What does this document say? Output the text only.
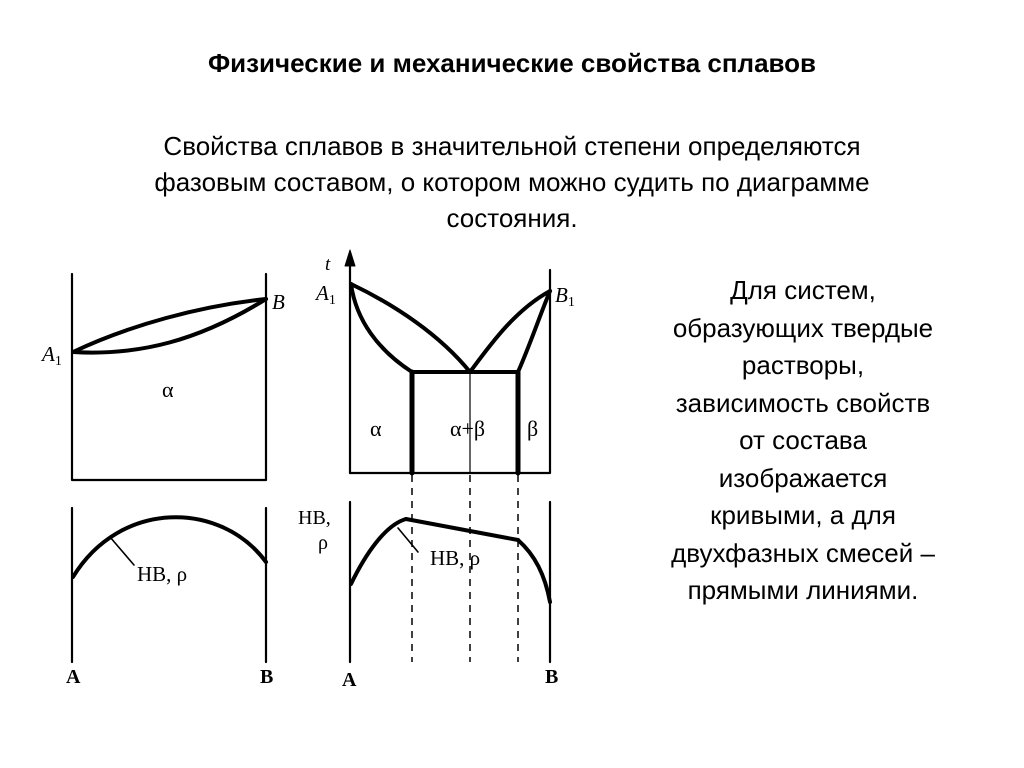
Физические и механические свойства сплавов
Свойства сплавов в значительной степени определяются
фазовым составом, о котором можно судить по диаграмме
состояния.
Для систем,
образующих твердые
растворы,
зависимость свойств
от состава
изображается
кривыми, а для
двухфазных смесей –
прямыми линиями.
B
A1
α
HB, ρ
A	B
t
A1	B1
α	α+β β
HB,
ρ
HB, ρ
A	B
